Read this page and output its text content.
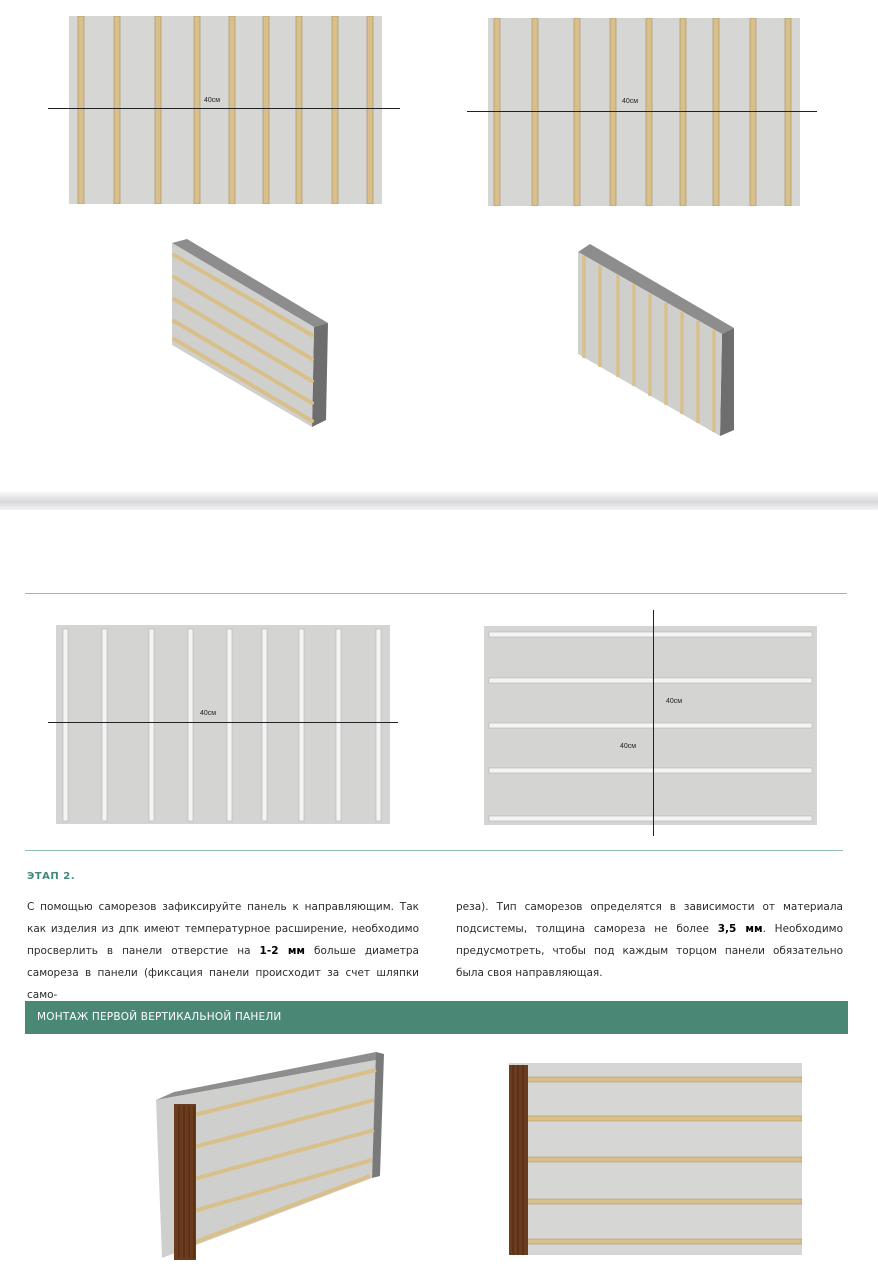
40см	40см
40см
40см
40см
ЭТАП 2.
С помощью саморезов зафиксируйте панель к направляющим. Так как изделия из дпк имеют температурное расширение, необходимо просверлить в панели отверстие на 1-2 мм больше диаметра самореза в панели (фиксация панели происходит за счет шляпки само-
реза). Тип саморезов определятся в зависимости от материала подсистемы, толщина самореза не более 3,5 мм. Необходимо предусмотреть, чтобы под каждым торцом панели обязательно была своя направляющая.
МОНТАЖ ПЕРВОЙ ВЕРТИКАЛЬНОЙ ПАНЕЛИ
